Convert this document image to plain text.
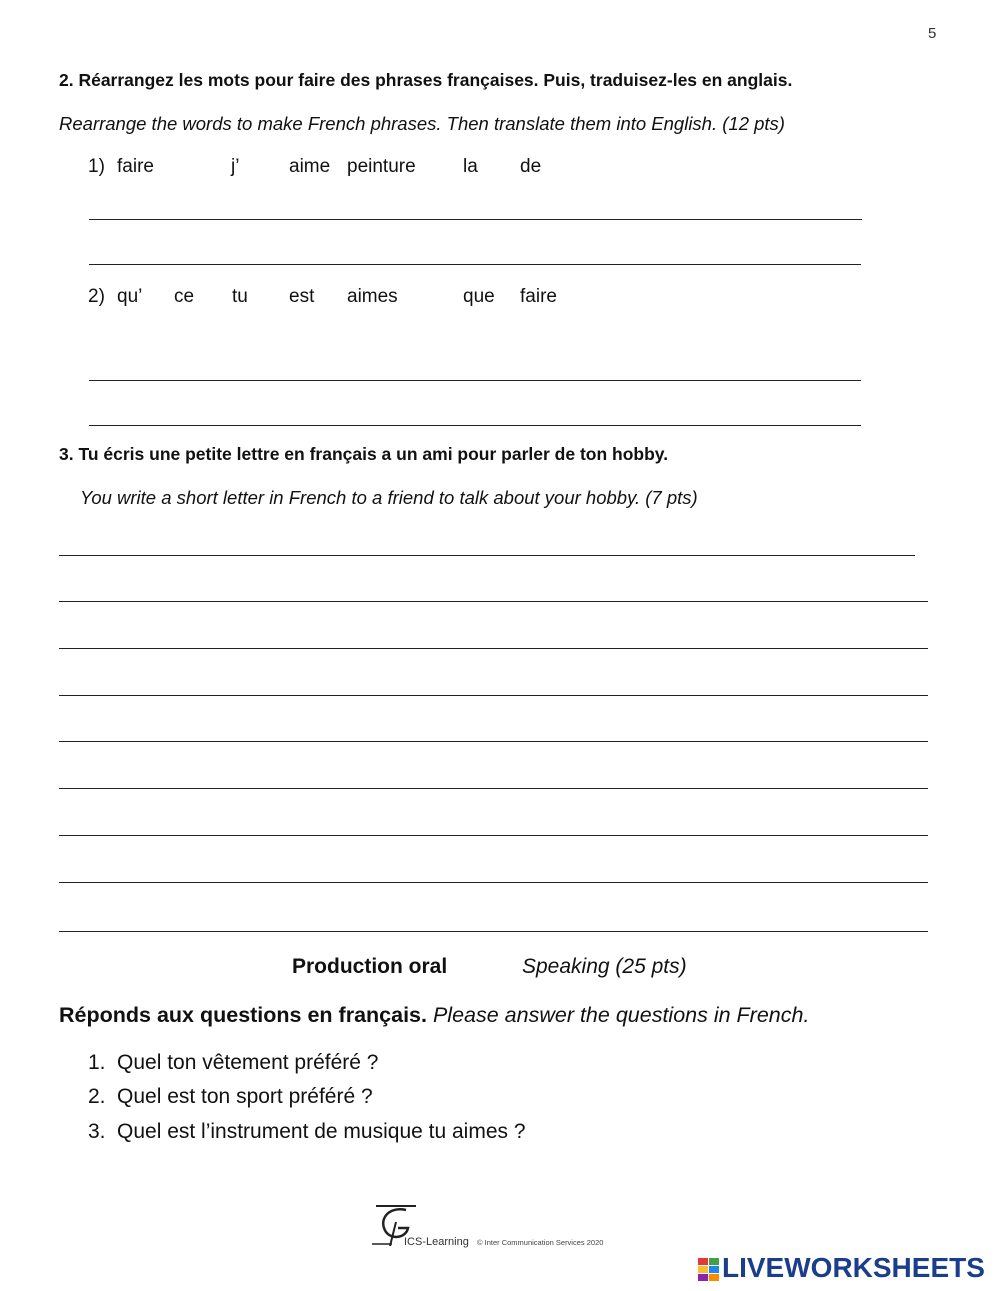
5
2. Réarrangez les mots pour faire des phrases françaises. Puis, traduisez-les en anglais.
Rearrange the words to make French phrases. Then translate them into English. (12 pts)
1) faire	j’	aime peinture la de
2) qu’ ce tu est aimes	que faire
3. Tu écris une petite lettre en français a un ami pour parler de ton hobby.
You write a short letter in French to a friend to talk about your hobby. (7 pts)
Production oral	Speaking (25 pts)
Réponds aux questions en français. Please answer the questions in French.
1. Quel ton vêtement préféré ?
2. Quel est ton sport préféré ?
3. Quel est l’instrument de musique tu aimes ?
ICS-Learning © Inter Communication Services 2020
LIVEWORKSHEETS
